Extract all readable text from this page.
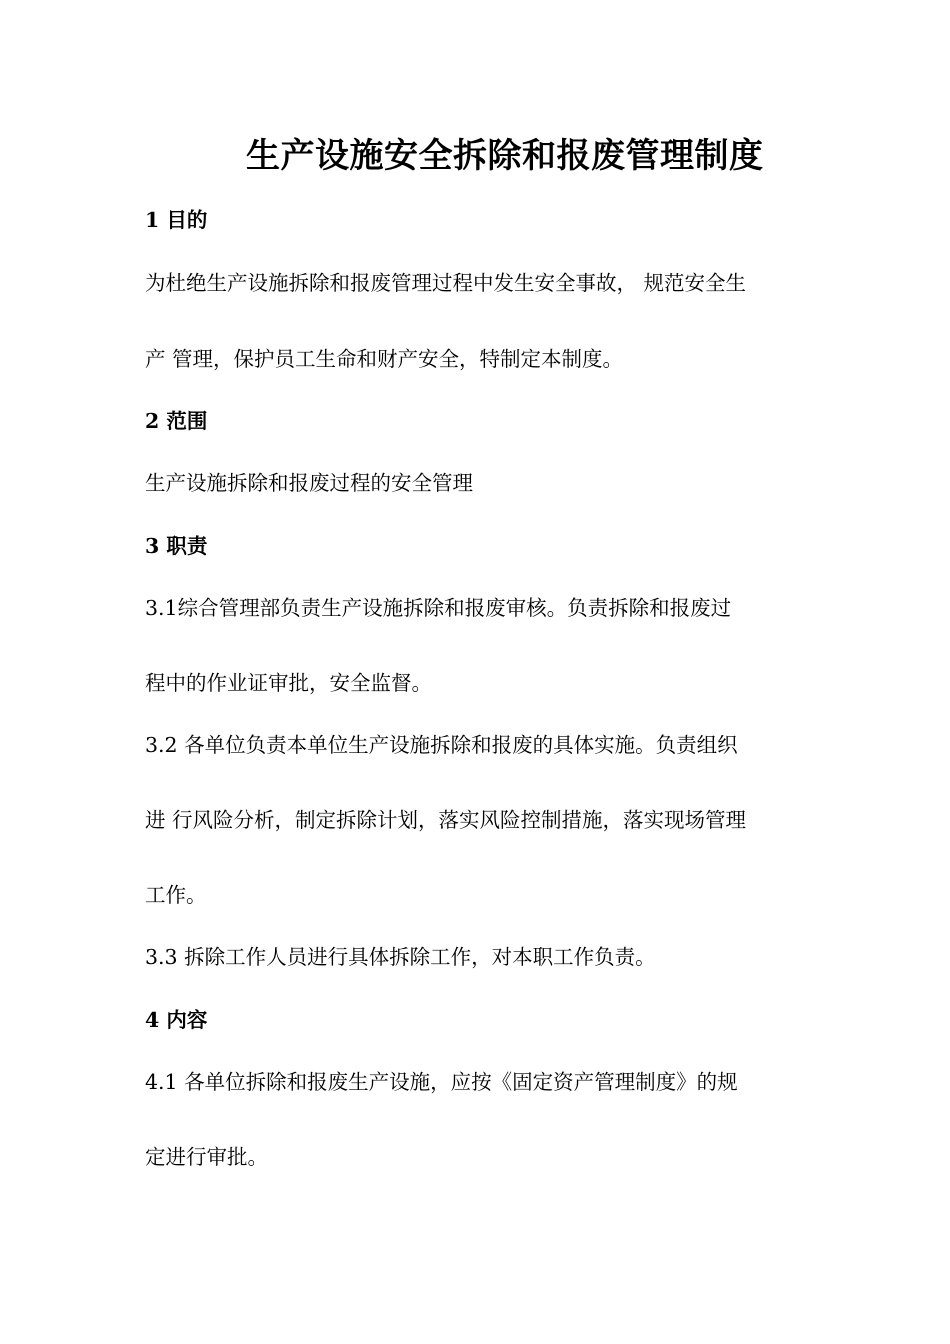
生产设施安全拆除和报废管理制度
1 目的
为杜绝生产设施拆除和报废管理过程中发生安全事故， 规范安全生
产 管理，保护员工生命和财产安全，特制定本制度。
2 范围
生产设施拆除和报废过程的安全管理
3 职责
3.1综合管理部负责生产设施拆除和报废审核。负责拆除和报废过
程中的作业证审批，安全监督。
3.2 各单位负责本单位生产设施拆除和报废的具体实施。负责组织
进 行风险分析，制定拆除计划，落实风险控制措施，落实现场管理
工作。
3.3 拆除工作人员进行具体拆除工作，对本职工作负责。
4 内容
4.1 各单位拆除和报废生产设施，应按《固定资产管理制度》的规
定进行审批。
